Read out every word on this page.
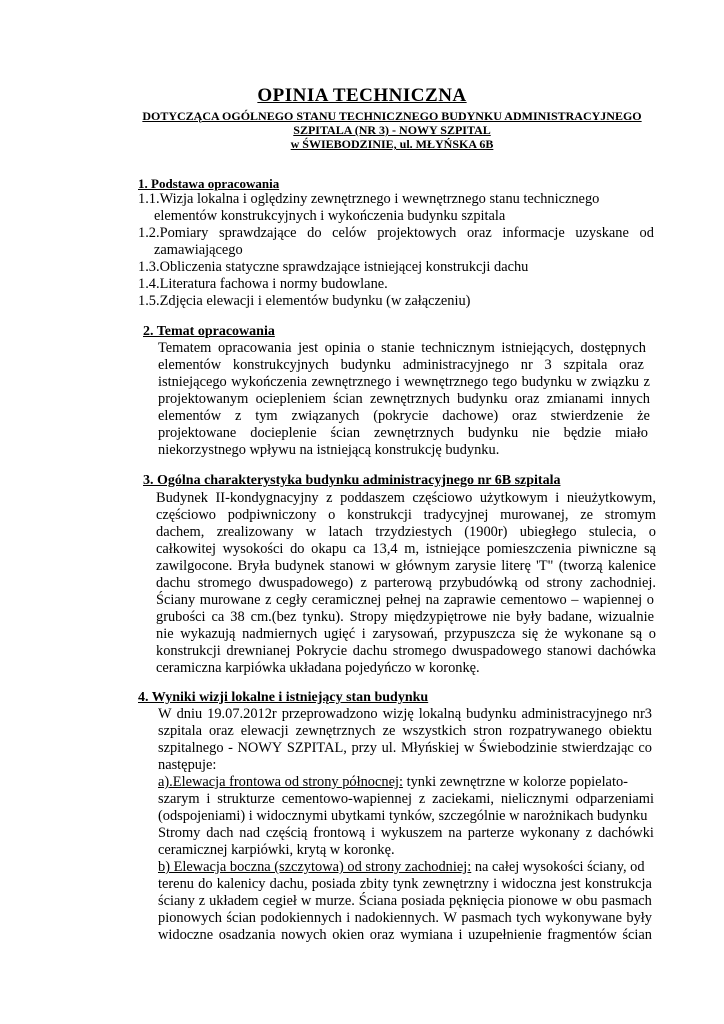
OPINIA TECHNICZNA
DOTYCZĄCA OGÓLNEGO STANU TECHNICZNEGO BUDYNKU ADMINISTRACYJNEGO
SZPITALA (NR 3) - NOWY SZPITAL
w ŚWIEBODZINIE, ul. MŁYŃSKA 6B
1. Podstawa opracowania
1.1.Wizja lokalna i oględziny zewnętrznego i wewnętrznego stanu technicznego
elementów konstrukcyjnych i wykończenia budynku szpitala
1.2.Pomiary sprawdzające do celów projektowych oraz informacje uzyskane od
zamawiającego
1.3.Obliczenia statyczne sprawdzające istniejącej konstrukcji dachu
1.4.Literatura fachowa i normy budowlane.
1.5.Zdjęcia elewacji i elementów budynku (w załączeniu)
2. Temat opracowania
Tematem opracowania jest opinia o stanie technicznym istniejących, dostępnych
elementów konstrukcyjnych budynku administracyjnego nr 3 szpitala oraz
istniejącego wykończenia zewnętrznego i wewnętrznego tego budynku w związku z
projektowanym ociepleniem ścian zewnętrznych budynku oraz zmianami innych
elementów z tym związanych (pokrycie dachowe) oraz stwierdzenie że
projektowane docieplenie ścian zewnętrznych budynku nie będzie miało
niekorzystnego wpływu na istniejącą konstrukcję budynku.
3. Ogólna charakterystyka budynku administracyjnego nr 6B szpitala
Budynek II-kondygnacyjny z poddaszem częściowo użytkowym i nieużytkowym,
częściowo podpiwniczony o konstrukcji tradycyjnej murowanej, ze stromym
dachem, zrealizowany w latach trzydziestych (1900r) ubiegłego stulecia, o
całkowitej wysokości do okapu ca 13,4 m, istniejące pomieszczenia piwniczne są
zawilgocone. Bryła budynek stanowi w głównym zarysie literę 'T" (tworzą kalenice
dachu stromego dwuspadowego) z parterową przybudówką od strony zachodniej.
Ściany murowane z cegły ceramicznej pełnej na zaprawie cementowo – wapiennej o
grubości ca 38 cm.(bez tynku). Stropy międzypiętrowe nie były badane, wizualnie
nie wykazują nadmiernych ugięć i zarysowań, przypuszcza się że wykonane są o
konstrukcji drewnianej Pokrycie dachu stromego dwuspadowego stanowi dachówka
ceramiczna karpiówka układana pojedyńczo w koronkę.
4. Wyniki wizji lokalne i istniejący stan budynku
W dniu 19.07.2012r przeprowadzono wizję lokalną budynku administracyjnego nr3
szpitala oraz elewacji zewnętrznych ze wszystkich stron rozpatrywanego obiektu
szpitalnego - NOWY SZPITAL, przy ul. Młyńskiej w Świebodzinie stwierdzając co
następuje:
a).Elewacja frontowa od strony północnej: tynki zewnętrzne w kolorze popielato-
szarym i strukturze cementowo-wapiennej z zaciekami, nielicznymi odparzeniami
(odspojeniami) i widocznymi ubytkami tynków, szczególnie w narożnikach budynku
Stromy dach nad częścią frontową i wykuszem na parterze wykonany z dachówki
ceramicznej karpiówki, krytą w koronkę.
b) Elewacja boczna (szczytowa) od strony zachodniej: na całej wysokości ściany, od
terenu do kalenicy dachu, posiada zbity tynk zewnętrzny i widoczna jest konstrukcja
ściany z układem cegieł w murze. Ściana posiada pęknięcia pionowe w obu pasmach
pionowych ścian podokiennych i nadokiennych. W pasmach tych wykonywane były
widoczne osadzania nowych okien oraz wymiana i uzupełnienie fragmentów ścian
